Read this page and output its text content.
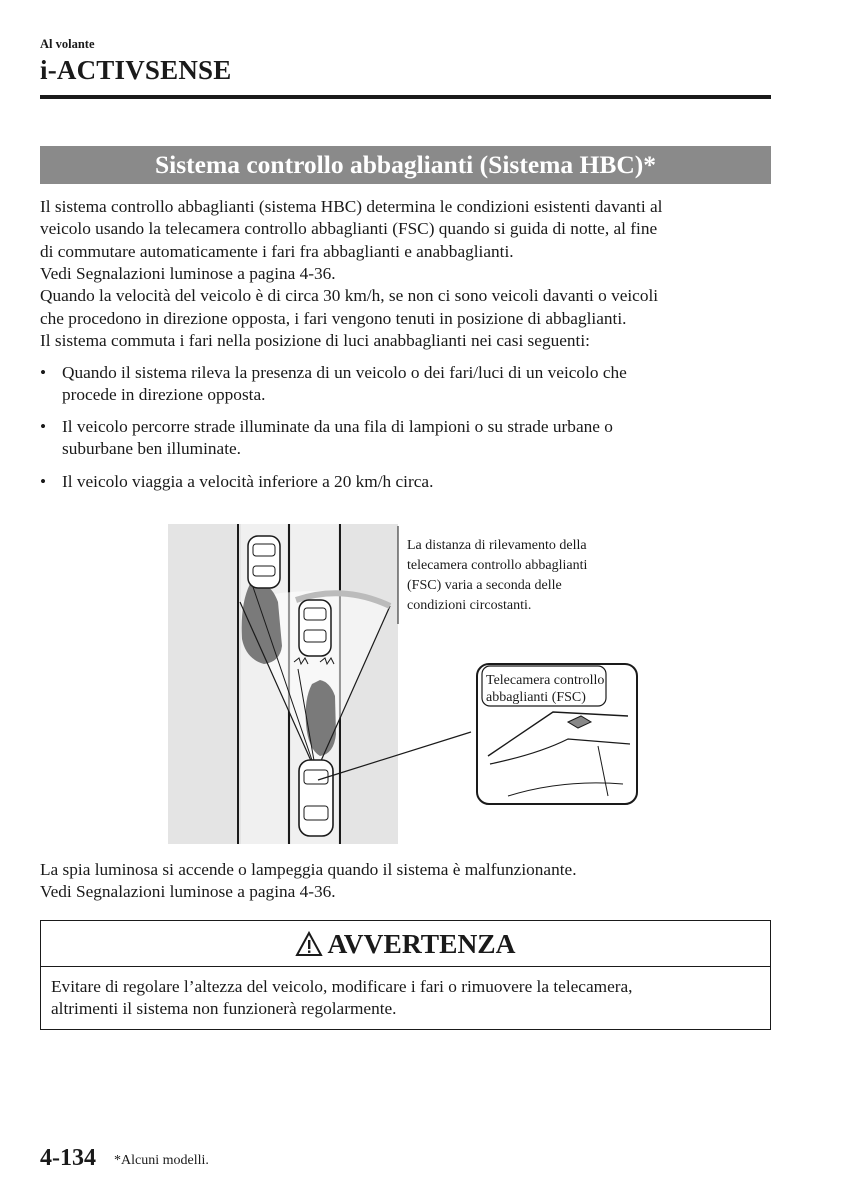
Al volante
i-ACTIVSENSE
Sistema controllo abbaglianti (Sistema HBC)*
Il sistema controllo abbaglianti (sistema HBC) determina le condizioni esistenti davanti al
veicolo usando la telecamera controllo abbaglianti (FSC) quando si guida di notte, al fine
di commutare automaticamente i fari fra abbaglianti e anabbaglianti.
Vedi Segnalazioni luminose a pagina 4-36.
Quando la velocità del veicolo è di circa 30 km/h, se non ci sono veicoli davanti o veicoli
che procedono in direzione opposta, i fari vengono tenuti in posizione di abbaglianti.
Il sistema commuta i fari nella posizione di luci anabbaglianti nei casi seguenti:
• Quando il sistema rileva la presenza di un veicolo o dei fari/luci di un veicolo che
procede in direzione opposta.
• Il veicolo percorre strade illuminate da una fila di lampioni o su strade urbane o
suburbane ben illuminate.
• Il veicolo viaggia a velocità inferiore a 20 km/h circa.
La distanza di rilevamento della
telecamera controllo abbaglianti
(FSC) varia a seconda delle
condizioni circostanti.
Telecamera controllo
abbaglianti (FSC)
La spia luminosa si accende o lampeggia quando il sistema è malfunzionante.
Vedi Segnalazioni luminose a pagina 4-36.
AVVERTENZA
Evitare di regolare l’altezza del veicolo, modificare i fari o rimuovere la telecamera,
altrimenti il sistema non funzionerà regolarmente.
4-134 *Alcuni modelli.
